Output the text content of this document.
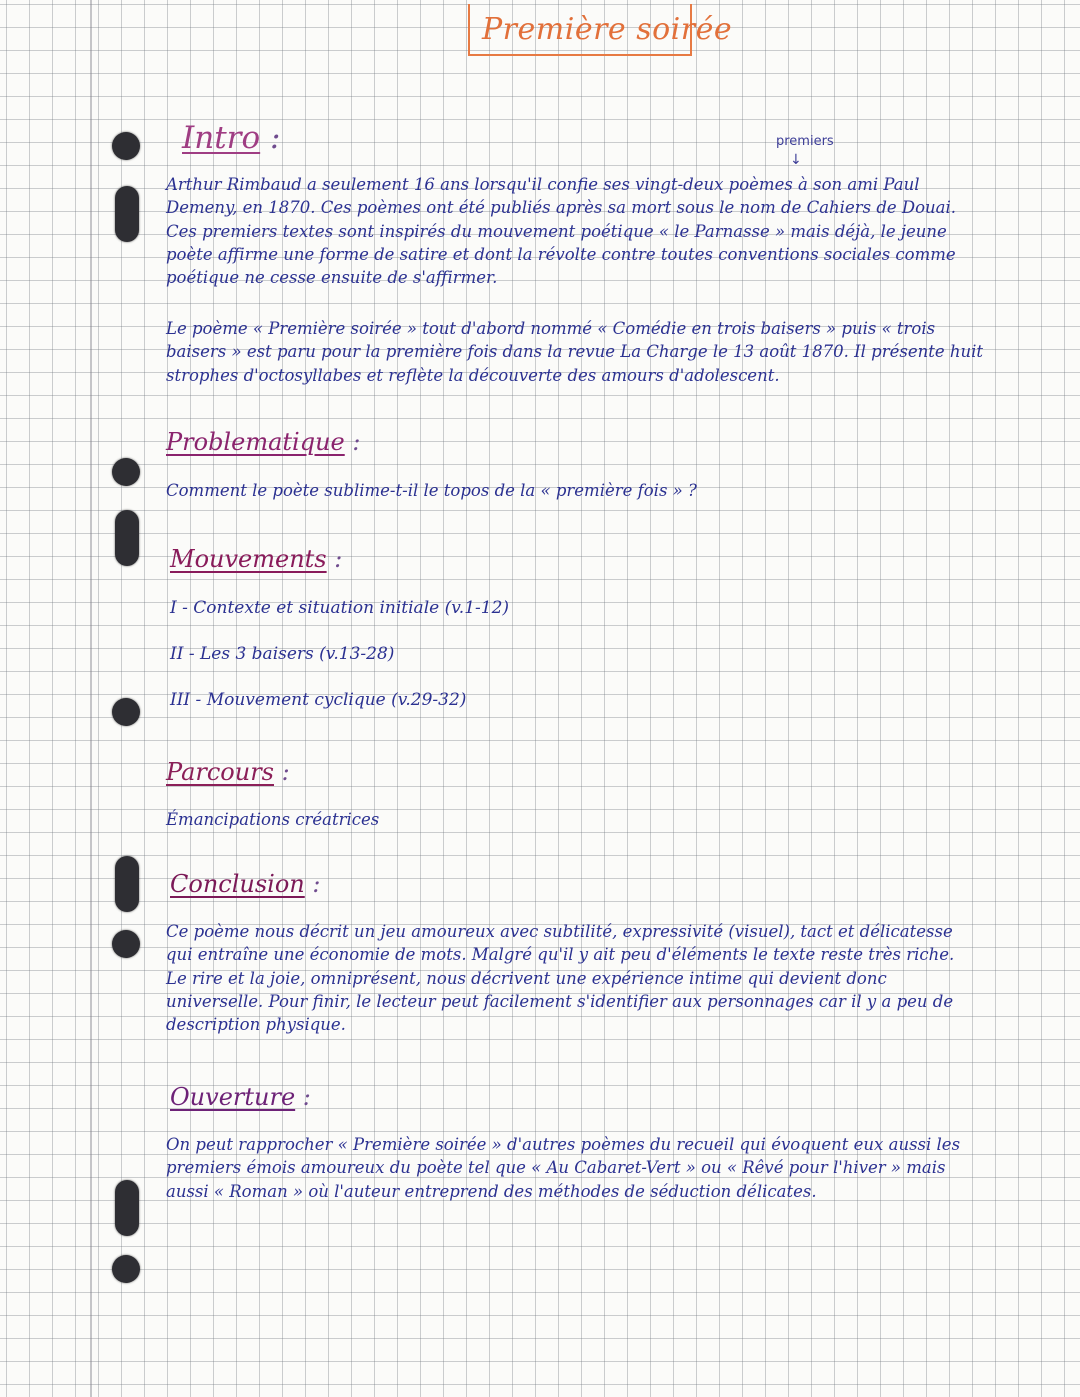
Première soirée
Intro :	premiers
↓

Arthur Rimbaud a seulement 16 ans lorsqu'il confie ses vingt-deux poèmes à son ami Paul Demeny, en 1870. Ces poèmes ont été publiés après sa mort sous le nom de Cahiers de Douai. Ces premiers textes sont inspirés du mouvement poétique « le Parnasse » mais déjà, le jeune poète affirme une forme de satire et dont la révolte contre toutes conventions sociales comme poétique ne cesse ensuite de s'affirmer.

Le poème « Première soirée » tout d'abord nommé « Comédie en trois baisers » puis « trois baisers » est paru pour la première fois dans la revue La Charge le 13 août 1870. Il présente huit strophes d'octosyllabes et reflète la découverte des amours d'adolescent.

Problematique :

Comment le poète sublime-t-il le topos de la « première fois » ?

Mouvements :
I - Contexte et situation initiale (v.1-12)
II - Les 3 baisers (v.13-28)
III - Mouvement cyclique (v.29-32)
Parcours :

Émancipations créatrices

Conclusion :

Ce poème nous décrit un jeu amoureux avec subtilité, expressivité (visuel), tact et délicatesse qui entraîne une économie de mots. Malgré qu'il y ait peu d'éléments le texte reste très riche. Le rire et la joie, omniprésent, nous décrivent une expérience intime qui devient donc universelle. Pour finir, le lecteur peut facilement s'identifier aux personnages car il y a peu de description physique.

Ouverture :

On peut rapprocher « Première soirée » d'autres poèmes du recueil qui évoquent eux aussi les premiers émois amoureux du poète tel que « Au Cabaret-Vert » ou « Rêvé pour l'hiver » mais aussi « Roman » où l'auteur entreprend des méthodes de séduction délicates.
